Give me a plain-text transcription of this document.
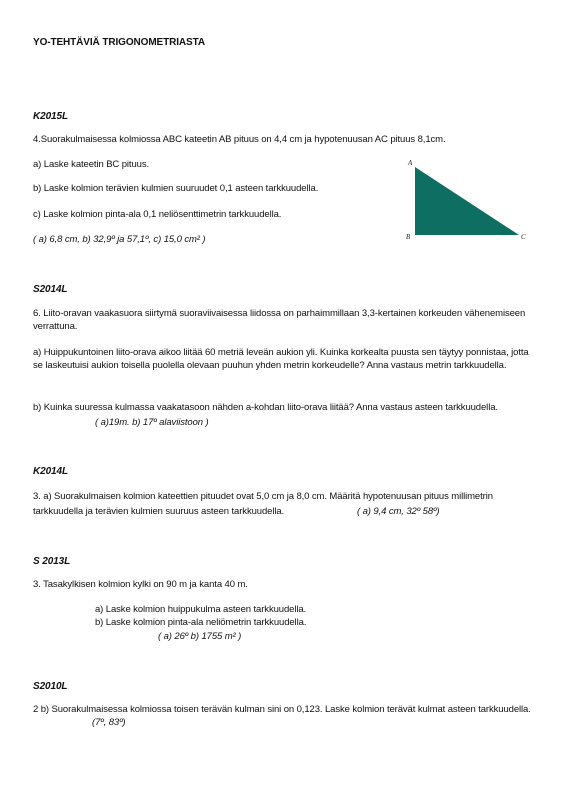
YO-TEHTÄVIÄ TRIGONOMETRIASTA
K2015L
4.Suorakulmaisessa kolmiossa ABC kateetin AB pituus on 4,4 cm ja hypotenuusan AC pituus 8,1cm.
a) Laske kateetin BC pituus.
b) Laske kolmion terävien kulmien suuruudet 0,1 asteen tarkkuudella.
c) Laske kolmion pinta-ala 0,1 neliösenttimetrin tarkkuudella.
( a) 6,8 cm, b) 32,9º ja 57,1º, c) 15,0 cm² )
A
B	C
S2014L
6. Liito-oravan vaakasuora siirtymä suoraviivaisessa liidossa on parhaimmillaan 3,3-kertainen korkeuden vähenemiseen verrattuna.
a) Huippukuntoinen liito-orava aikoo liitää 60 metriä leveän aukion yli. Kuinka korkealta puusta sen täytyy ponnistaa, jotta se laskeutuisi aukion toisella puolella olevaan puuhun yhden metrin korkeudelle? Anna vastaus metrin tarkkuudella.
b) Kuinka suuressa kulmassa vaakatasoon nähden a-kohdan liito-orava liitää? Anna vastaus asteen tarkkuudella.
( a)19m. b) 17º alaviistoon )
K2014L
3. a) Suorakulmaisen kolmion kateettien pituudet ovat 5,0 cm ja 8,0 cm. Määritä hypotenuusan pituus millimetrin
tarkkuudella ja terävien kulmien suuruus asteen tarkkuudella.	( a) 9,4 cm, 32º 58º)
S 2013L
3. Tasakylkisen kolmion kylki on 90 m ja kanta 40 m.
a) Laske kolmion huippukulma asteen tarkkuudella.
b) Laske kolmion pinta-ala neliömetrin tarkkuudella.
( a) 26º b) 1755 m² )
S2010L
2 b) Suorakulmaisessa kolmiossa toisen terävän kulman sini on 0,123. Laske kolmion terävät kulmat asteen tarkkuudella.
(7º, 83º)
